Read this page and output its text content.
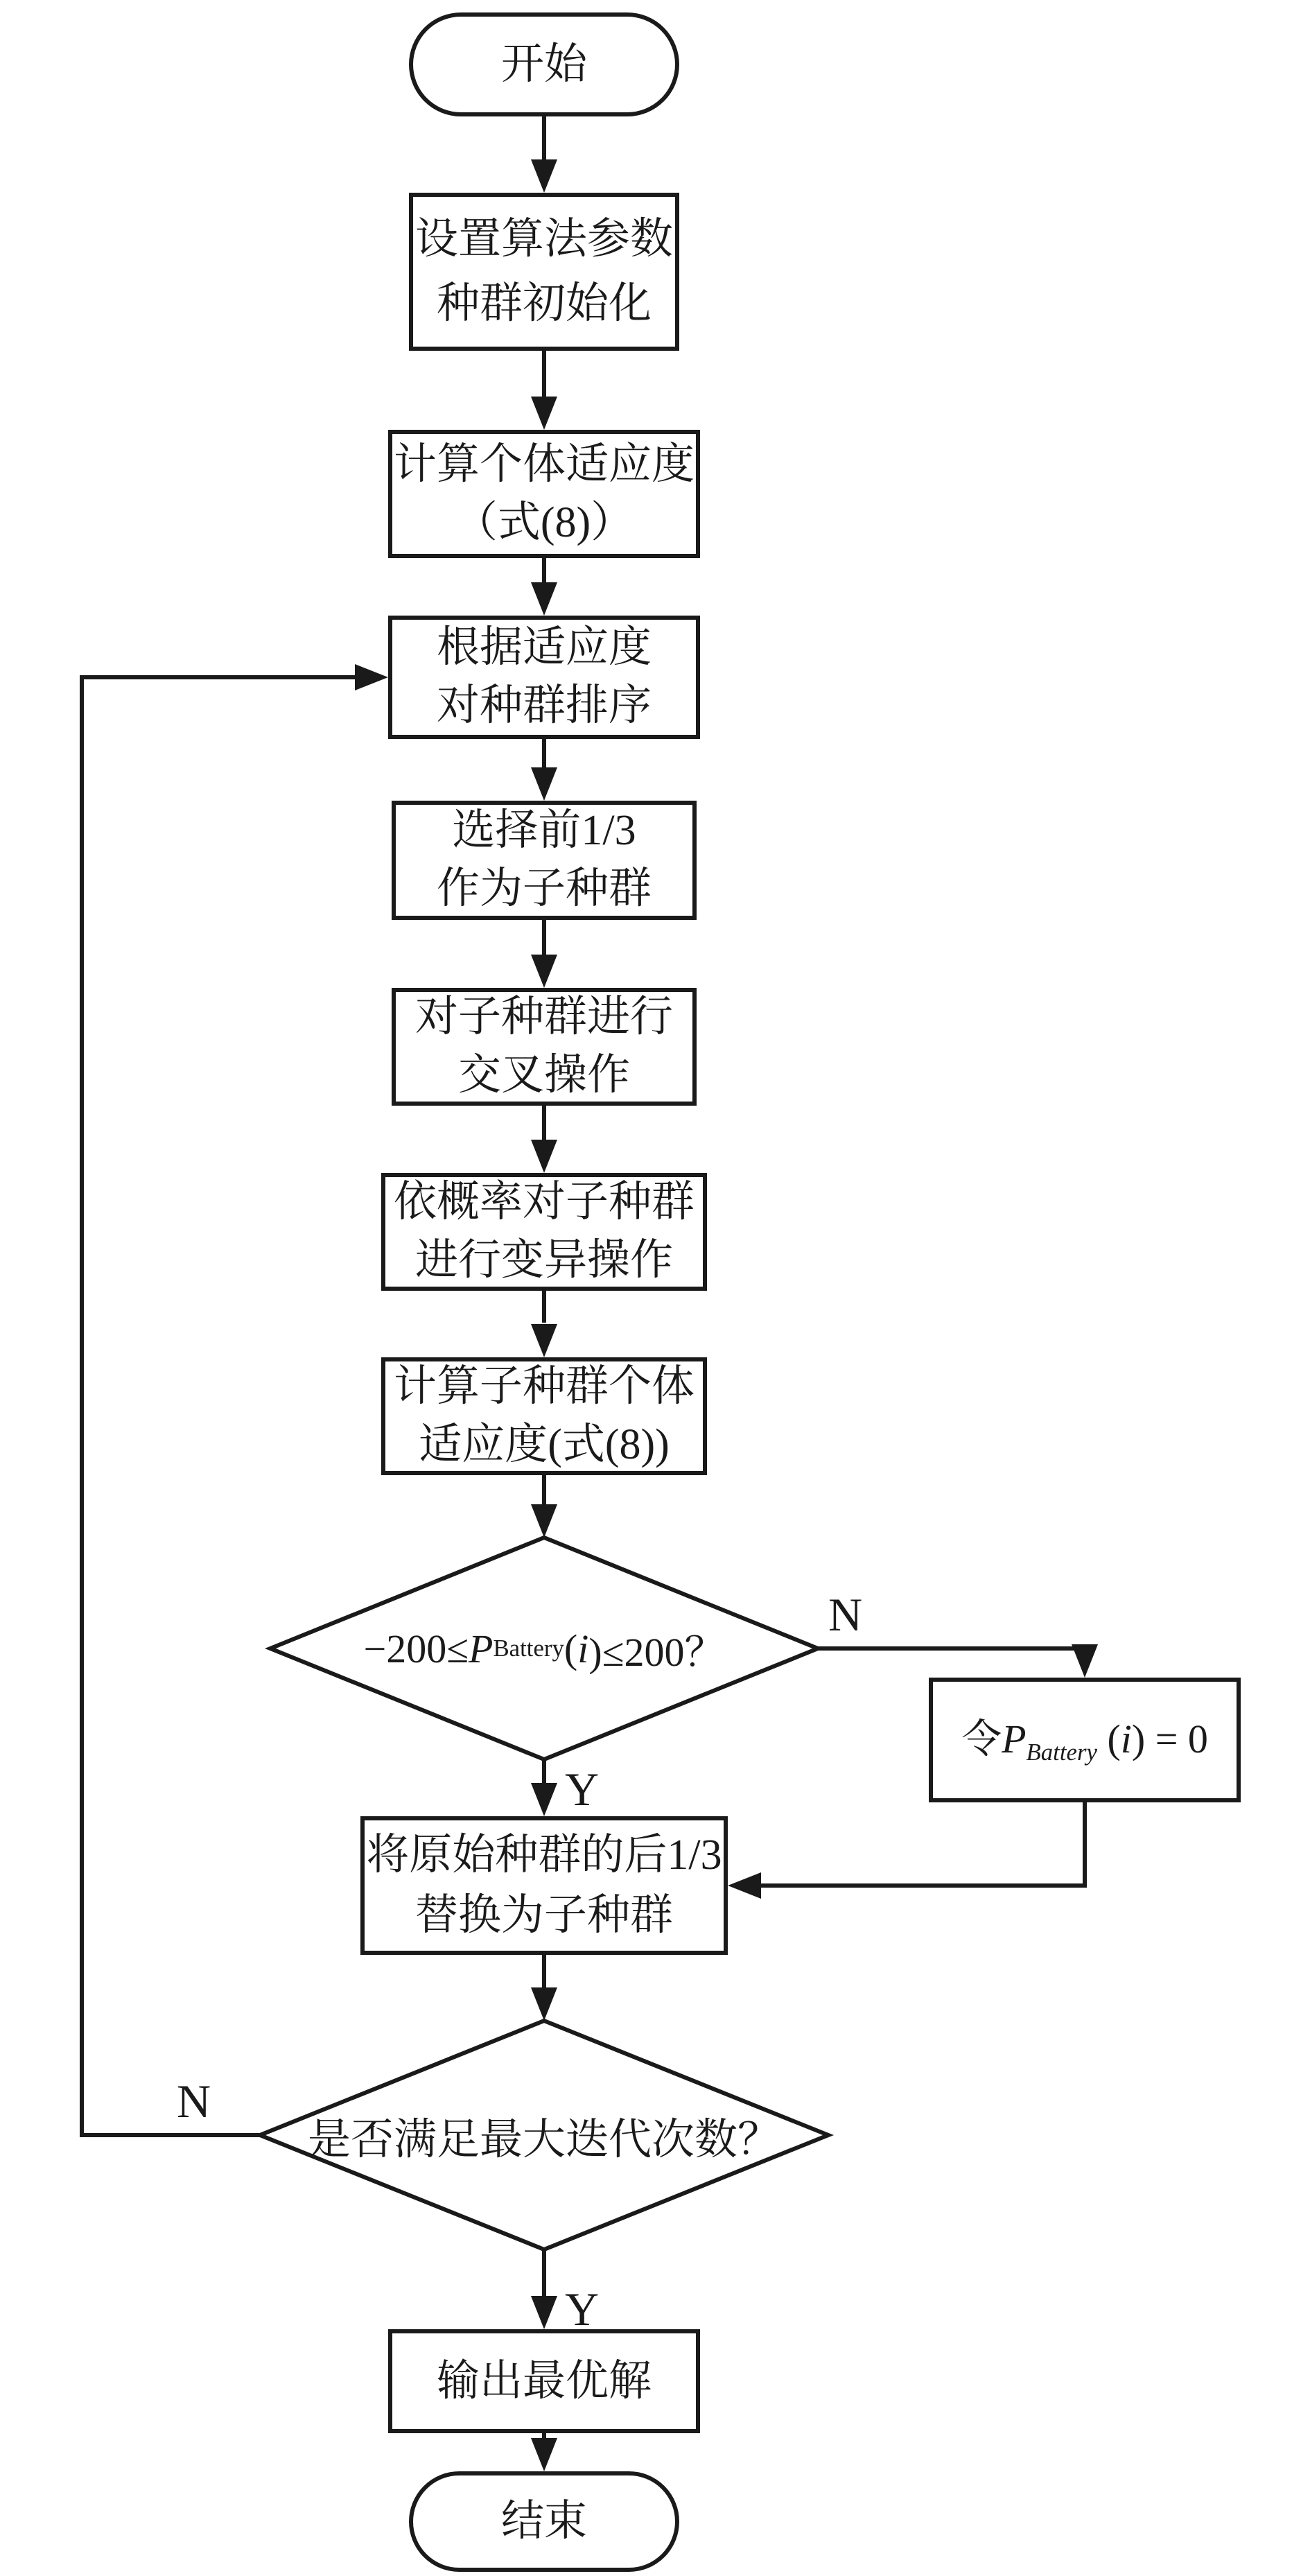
开始
设置算法参数
种群初始化
计算个体适应度
（式(8)）
根据适应度
对种群排序
选择前1/3
作为子种群
对子种群进行
交叉操作
依概率对子种群
进行变异操作
计算子种群个体
适应度(式(8))
−200≤ P Battery ( i )≤200？
令PBattery (i) = 0
将原始种群的后1/3
替换为子种群
是否满足最大迭代次数？
输出最优解
结束
N
Y
N
Y
